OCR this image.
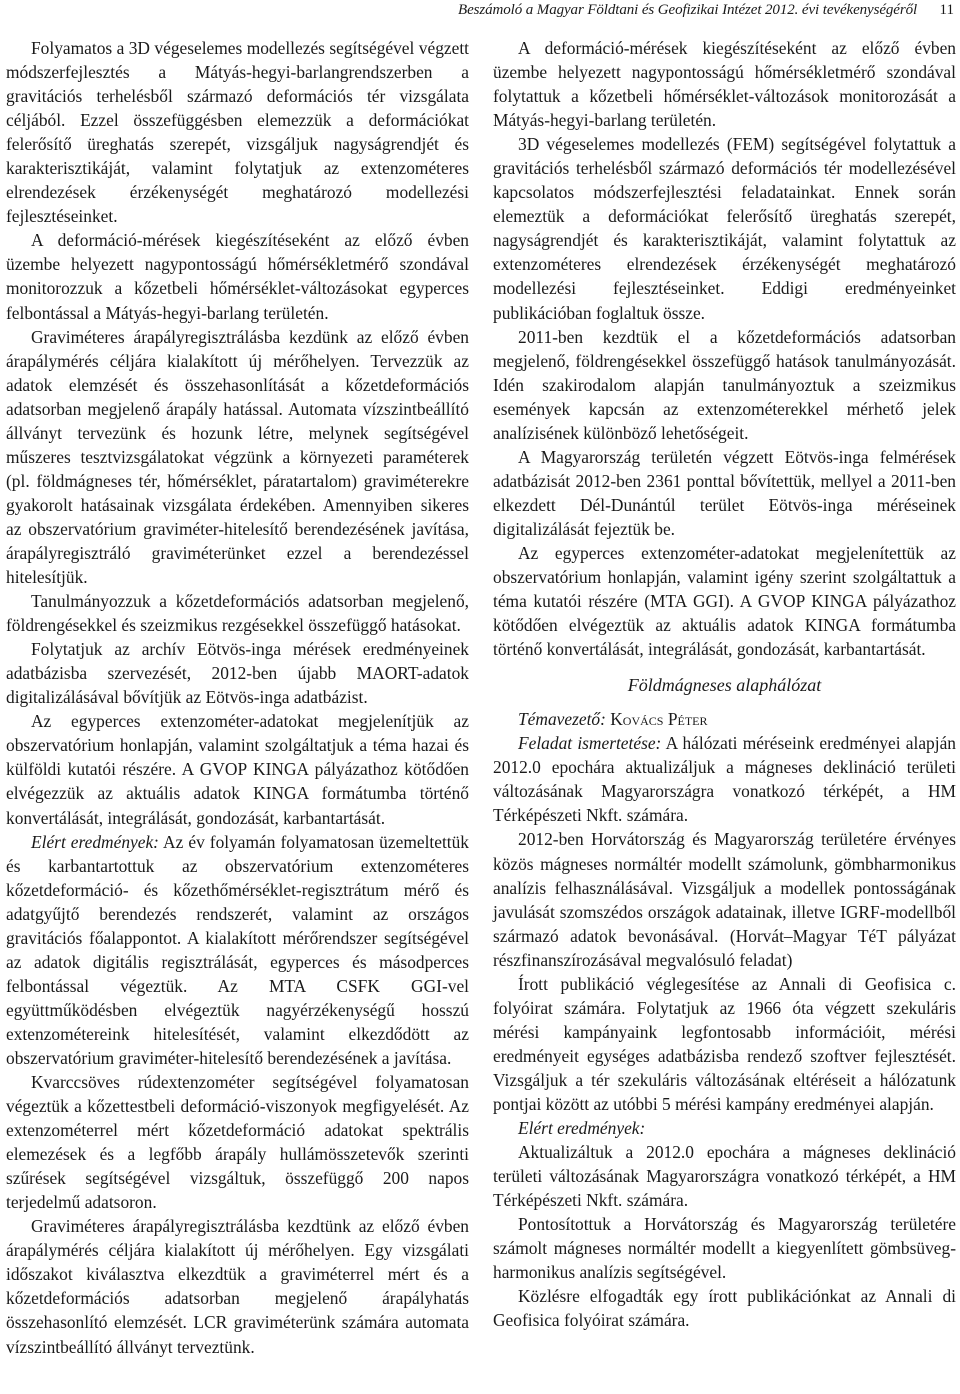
Beszámoló a Magyar Földtani és Geofizikai Intézet 2012. évi tevékenységéről 11

Folyamatos a 3D végeselemes modellezés segítségével végzett módszerfejlesztés a Mátyás-hegyi-barlangrendszerben a gravitációs terhelésből származó deformációs tér vizsgálata céljából. Ezzel összefüggésben elemezzük a deformációkat felerősítő üreghatás szerepét, vizsgáljuk nagyságrendjét és karakterisztikáját, valamint folytatjuk az extenzométeres elrendezések érzékenységét meghatározó modellezési fejlesztéseinket.

A deformáció-mérések kiegészítéseként az előző évben üzembe helyezett nagypontosságú hőmérsékletmérő szondával monitorozzuk a kőzetbeli hőmérséklet-változásokat egyperces felbontással a Mátyás-hegyi-barlang területén.

Graviméteres árapályregisztrálásba kezdünk az előző évben árapálymérés céljára kialakított új mérőhelyen. Tervezzük az adatok elemzését és összehasonlítását a kőzetdeformációs adatsorban megjelenő árapály hatással. Automata vízszintbeállító állványt tervezünk és hozunk létre, melynek segítségével műszeres tesztvizsgálatokat végzünk a környezeti paraméterek (pl. földmágneses tér, hőmérséklet, páratartalom) graviméterekre gyakorolt hatásainak vizsgálata érdekében. Amennyiben sikeres az obszervatórium graviméter-hitelesítő berendezésének javítása, árapályregisztráló graviméterünket ezzel a berendezéssel hitelesítjük.

Tanulmányozzuk a kőzetdeformációs adatsorban megjelenő, földrengésekkel és szeizmikus rezgésekkel összefüggő hatásokat.

Folytatjuk az archív Eötvös-inga mérések eredményeinek adatbázisba szervezését, 2012-ben újabb MAORT-adatok digitalizálásával bővítjük az Eötvös-inga adatbázist.

Az egyperces extenzométer-adatokat megjelenítjük az obszervatórium honlapján, valamint szolgáltatjuk a téma hazai és külföldi kutatói részére. A GVOP KINGA pályázathoz kötődően elvégezzük az aktuális adatok KINGA formátumba történő konvertálását, integrálását, gondozását, karbantartását.

Elért eredmények: Az év folyamán folyamatosan üzemeltettük és karbantartottuk az obszervatórium extenzométeres kőzetdeformáció- és kőzethőmérséklet-regisztrátum mérő és adatgyűjtő berendezés rendszerét, valamint az országos gravitációs főalappontot. A kialakított mérőrendszer segítségével az adatok digitális regisztrálását, egyperces és másodperces felbontással végeztük. Az MTA CSFK GGI-vel együttműködésben elvégeztük nagyérzékenységű hosszú extenzométereink hitelesítését, valamint elkezdődött az obszervatórium graviméter-hitelesítő berendezésének a javítása.

Kvarccsöves rúdextenzométer segítségével folyamatosan végeztük a kőzettestbeli deformáció-viszonyok megfigyelését. Az extenzométerrel mért kőzetdeformáció adatokat spektrális elemezések és a legfőbb árapály hullámösszetevők szerinti szűrések segítségével vizsgáltuk, összefüggő 200 napos terjedelmű adatsoron.

Graviméteres árapályregisztrálásba kezdtünk az előző évben árapálymérés céljára kialakított új mérőhelyen. Egy vizsgálati időszakot kiválasztva elkezdtük a graviméterrel mért és a kőzetdeformációs adatsorban megjelenő árapályhatás összehasonlító elemzését. LCR graviméterünk számára automata vízszintbeállító állványt terveztünk.

A deformáció-mérések kiegészítéseként az előző évben üzembe helyezett nagypontosságú hőmérsékletmérő szondával folytattuk a kőzetbeli hőmérséklet-változások monitorozását a Mátyás-hegyi-barlang területén.

3D végeselemes modellezés (FEM) segítségével folytattuk a gravitációs terhelésből származó deformációs tér modellezésével kapcsolatos módszerfejlesztési feladatainkat. Ennek során elemeztük a deformációkat felerősítő üreghatás szerepét, nagyságrendjét és karakterisztikáját, valamint folytattuk az extenzométeres elrendezések érzékenységét meghatározó modellezési fejlesztéseinket. Eddigi eredményeinket publikációban foglaltuk össze.

2011-ben kezdtük el a kőzetdeformációs adatsorban megjelenő, földrengésekkel összefüggő hatások tanulmányozását. Idén szakirodalom alapján tanulmányoztuk a szeizmikus események kapcsán az extenzométerekkel mérhető jelek analízisének különböző lehetőségeit.

A Magyarország területén végzett Eötvös-inga felmérések adatbázisát 2012-ben 2361 ponttal bővítettük, mellyel a 2011-ben elkezdett Dél-Dunántúl terület Eötvös-inga méréseinek digitalizálását fejeztük be.

Az egyperces extenzométer-adatokat megjelenítettük az obszervatórium honlapján, valamint igény szerint szolgáltattuk a téma kutatói részére (MTA GGI). A GVOP KINGA pályázathoz kötődően elvégeztük az aktuális adatok KINGA formátumba történő konvertálását, integrálását, gondozását, karbantartását.

Földmágneses alaphálózat

Témavezető: Kovács Péter

Feladat ismertetése: A hálózati méréseink eredményei alapján 2012.0 epochára aktualizáljuk a mágneses deklináció területi változásának Magyarországra vonatkozó térképét, a HM Térképészeti Nkft. számára.

2012-ben Horvátország és Magyarország területére érvényes közös mágneses normáltér modellt számolunk, gömbharmonikus analízis felhasználásával. Vizsgáljuk a modellek pontosságának javulását szomszédos országok adatainak, illetve IGRF-modellből származó adatok bevonásával. (Horvát–Magyar TéT pályázat részfinanszírozásával megvalósuló feladat)

Írott publikáció véglegesítése az Annali di Geofisica c. folyóirat számára. Folytatjuk az 1966 óta végzett szekuláris mérési kampányaink legfontosabb információit, mérési eredményeit egységes adatbázisba rendező szoftver fejlesztését. Vizsgáljuk a tér szekuláris változásának eltéréseit a hálózatunk pontjai között az utóbbi 5 mérési kampány eredményei alapján.

Elért eredmények:

Aktualizáltuk a 2012.0 epochára a mágneses deklináció területi változásának Magyarországra vonatkozó térképét, a HM Térképészeti Nkft. számára.

Pontosítottuk a Horvátország és Magyarország területére számolt mágneses normáltér modellt a kiegyenlített gömbsüveg-harmonikus analízis segítségével.

Közlésre elfogadták egy írott publikációnkat az Annali di Geofisica folyóirat számára.
